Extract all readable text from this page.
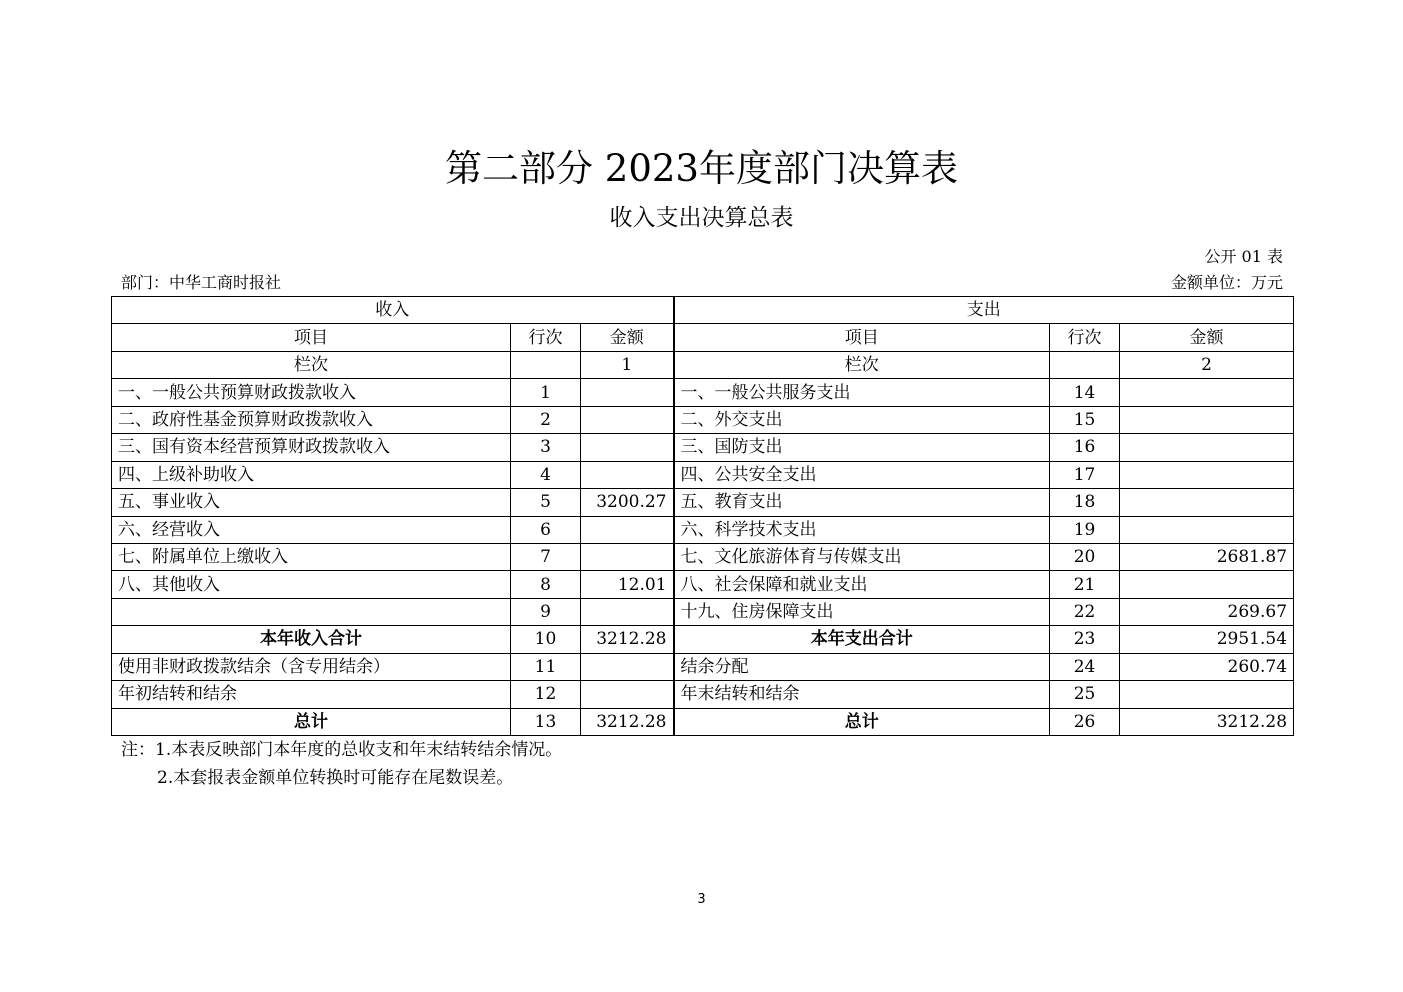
第二部分 2023年度部门决算表
收入支出决算总表
公开 01 表
部门：中华工商时报社	金额单位：万元
收入			支出		
项目	行次	金额	项目	行次	金额
栏次		1	栏次		2
一、一般公共预算财政拨款收入	1		一、一般公共服务支出	14	
二、政府性基金预算财政拨款收入	2		二、外交支出	15	
三、国有资本经营预算财政拨款收入	3		三、国防支出	16	
四、上级补助收入	4		四、公共安全支出	17	
五、事业收入	5	3200.27	五、教育支出	18	
六、经营收入	6		六、科学技术支出	19	
七、附属单位上缴收入	7		七、文化旅游体育与传媒支出	20	2681.87
八、其他收入	8	12.01	八、社会保障和就业支出	21	
	9		十九、住房保障支出	22	269.67
本年收入合计	10	3212.28	本年支出合计	23	2951.54
使用非财政拨款结余（含专用结余）	11		结余分配	24	260.74
年初结转和结余	12		年末结转和结余	25	
总计	13	3212.28	总计	26	3212.28
注：1.本表反映部门本年度的总收支和年末结转结余情况。
2.本套报表金额单位转换时可能存在尾数误差。
3
